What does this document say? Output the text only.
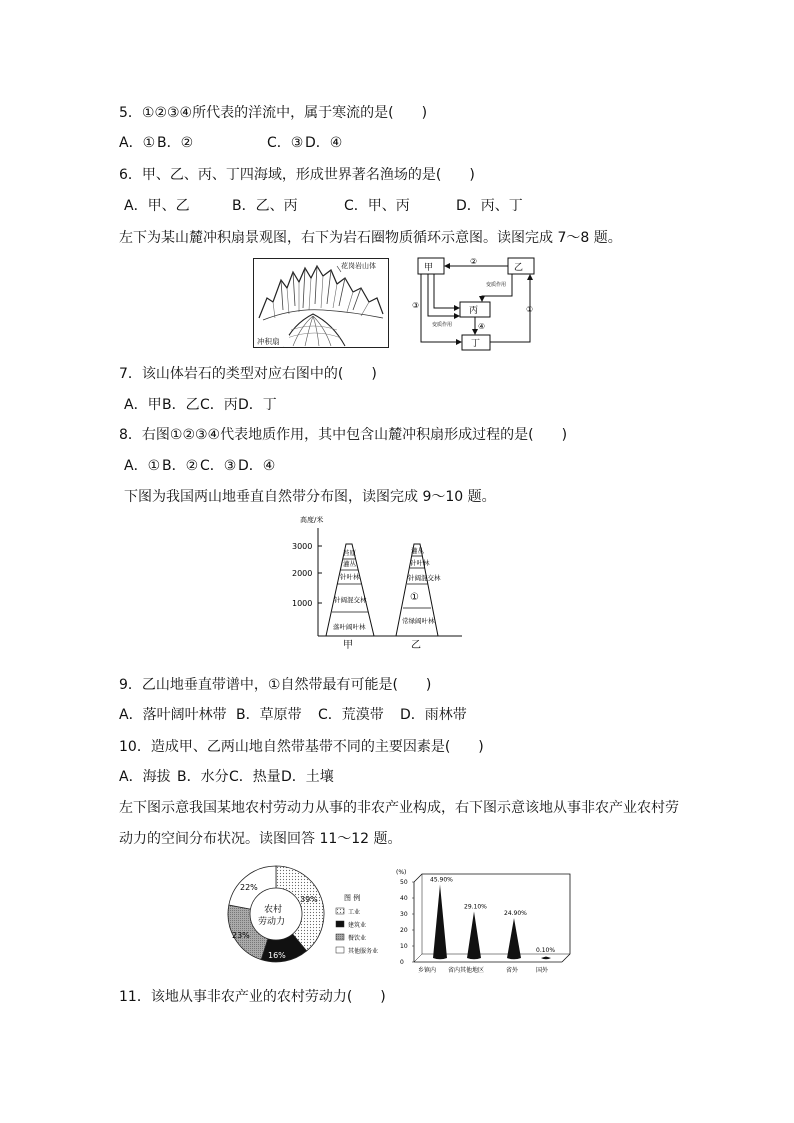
5．①②③④所代表的洋流中，属于寒流的是(　　)
A．① B．②	C．③ D．④
6．甲、乙、丙、丁四海域，形成世界著名渔场的是(　　)
A．甲、乙	B．乙、丙	C．甲、丙	D．丙、丁
左下为某山麓冲积扇景观图，右下为岩石圈物质循环示意图。读图完成 7～8 题。
花岗岩山体
冲积扇
甲	乙
丙
丁
②
③	①
变质作用
变质作用	④
7．该山体岩石的类型对应右图中的(　　)
A．甲B．乙C．丙D．丁
8．右图①②③④代表地质作用，其中包含山麓冲积扇形成过程的是(　　)
A．① B．② C．③ D．④
下图为我国两山地垂直自然带分布图，读图完成 9～10 题。
高度/米
3000
2000
1000
苔原
灌丛
针叶林
针阔混交林
落叶阔叶林
甲
灌丛
针叶林
针阔混交林
①
常绿阔叶林
乙
9．乙山地垂直带谱中，①自然带最有可能是(　　)
A．落叶阔叶林带 B．草原带 C．荒漠带 D．雨林带
10．造成甲、乙两山地自然带基带不同的主要因素是(　　)
A．海拔 B．水分C．热量D．土壤
左下图示意我国某地农村劳动力从事的非农产业构成，右下图示意该地从事非农产业农村劳
动力的空间分布状况。读图回答 11～12 题。
农村
劳动力
39%
16%
23%
22%
图 例
工业
建筑业
餐饮业
其他服务业
(%)
50
40
30
20
10
0
45.90%
乡镇内
29.10%
省内其他地区
24.90%
省外
0.10%
国外
11．该地从事非农产业的农村劳动力(　　)
